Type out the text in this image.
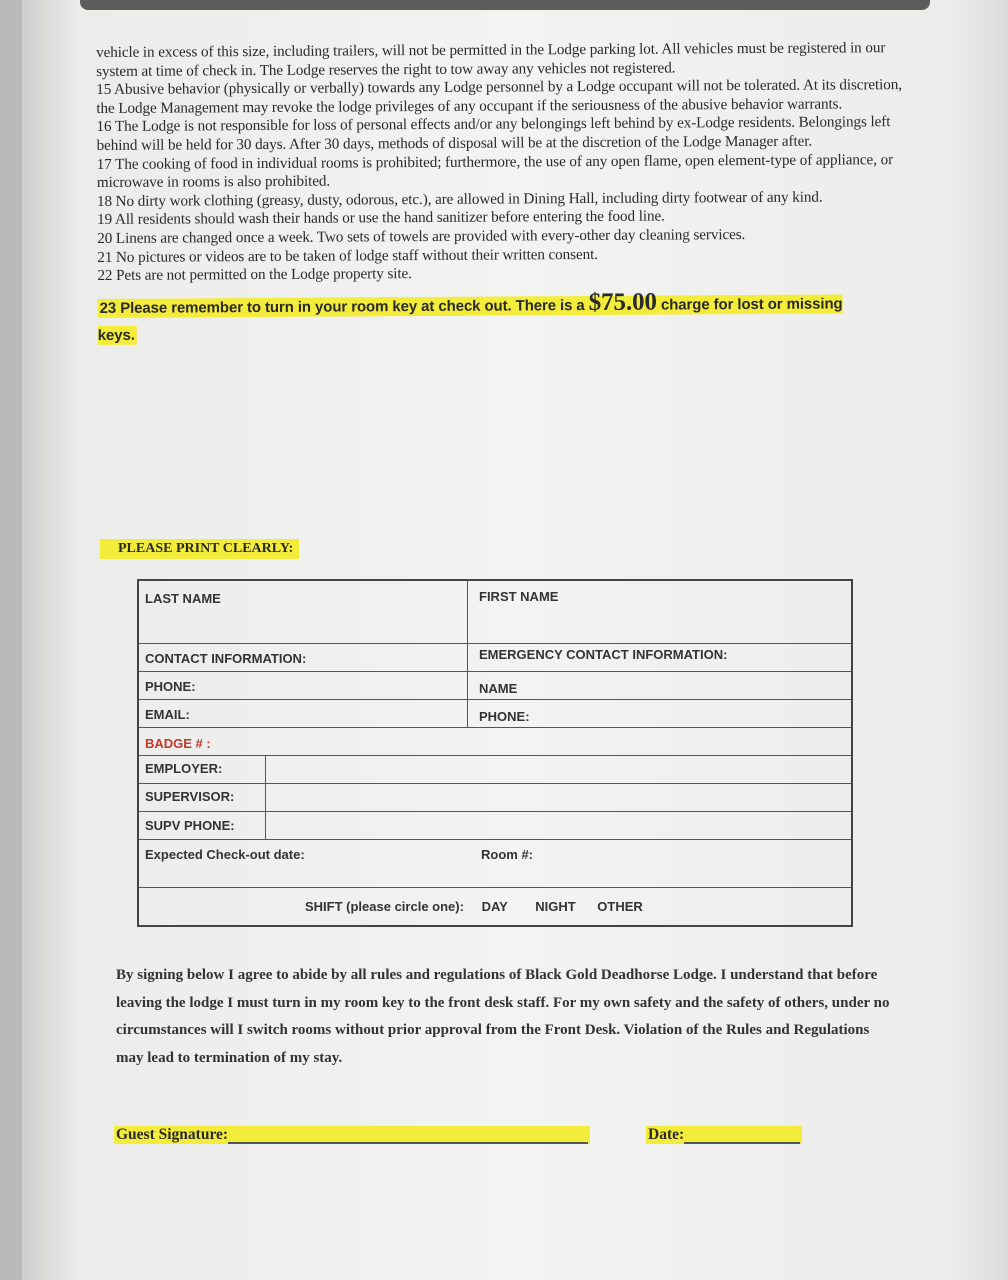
vehicle in excess of this size, including trailers, will not be permitted in the Lodge parking lot. All vehicles must be registered in our system at time of check in. The Lodge reserves the right to tow away any vehicles not registered.

15 Abusive behavior (physically or verbally) towards any Lodge personnel by a Lodge occupant will not be tolerated. At its discretion, the Lodge Management may revoke the lodge privileges of any occupant if the seriousness of the abusive behavior warrants.

16 The Lodge is not responsible for loss of personal effects and/or any belongings left behind by ex-Lodge residents. Belongings left behind will be held for 30 days. After 30 days, methods of disposal will be at the discretion of the Lodge Manager after.

17 The cooking of food in individual rooms is prohibited; furthermore, the use of any open flame, open element-type of appliance, or microwave in rooms is also prohibited.

18 No dirty work clothing (greasy, dusty, odorous, etc.), are allowed in Dining Hall, including dirty footwear of any kind.

19 All residents should wash their hands or use the hand sanitizer before entering the food line.

20 Linens are changed once a week. Two sets of towels are provided with every-other day cleaning services.

21 No pictures or videos are to be taken of lodge staff without their written consent.

22 Pets are not permitted on the Lodge property site.

23 Please remember to turn in your room key at check out. There is a $75.00 charge for lost or missing keys.

PLEASE PRINT CLEARLY:
LAST NAME	FIRST NAME
CONTACT INFORMATION:	EMERGENCY CONTACT INFORMATION:
PHONE:	NAME
EMAIL:	PHONE:
BADGE # :
EMPLOYER:
SUPERVISOR:
SUPV PHONE:
Expected Check-out date:	Room #:
SHIFT (please circle one): DAY NIGHT OTHER
By signing below I agree to abide by all rules and regulations of Black Gold Deadhorse Lodge. I understand that before leaving the lodge I must turn in my room key to the front desk staff. For my own safety and the safety of others, under no circumstances will I switch rooms without prior approval from the Front Desk. Violation of the Rules and Regulations may lead to termination of my stay.
Guest Signature:	Date:
